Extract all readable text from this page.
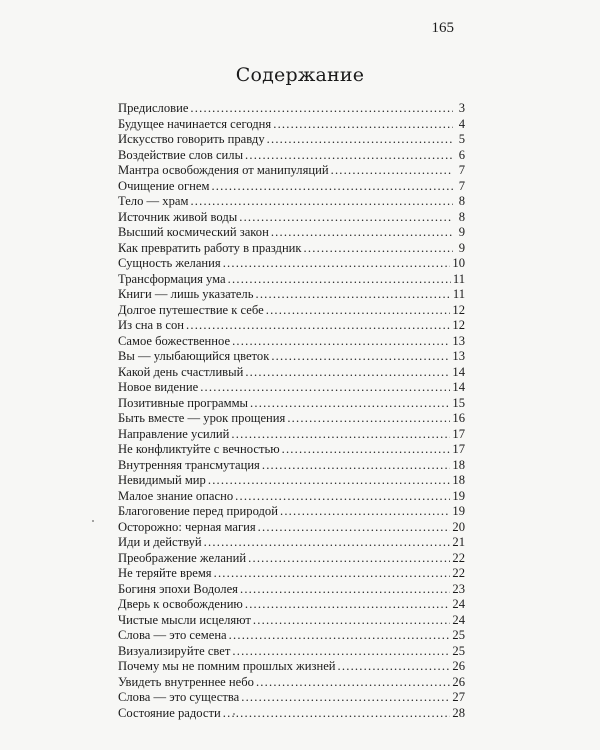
165
Содержание
Предисловие .....	3
Будущее начинается сегодня .....	4
Искусство говорить правду .....	5
Воздействие слов силы .....	6
Мантра освобождения от манипуляций .....	7
Очищение огнем .....	7
Тело — храм .....	8
Источник живой воды .....	8
Высший космический закон .....	9
Как превратить работу в праздник .....	9
Сущность желания .....	10
Трансформация ума .....	11
Книги — лишь указатель .....	11
Долгое путешествие к себе .....	12
Из сна в сон .....	12
Самое божественное .....	13
Вы — улыбающийся цветок .....	13
Какой день счастливый .....	14
Новое видение .....	14
Позитивные программы .....	15
Быть вместе — урок прощения .....	16
Направление усилий .....	17
Не конфликтуйте с вечностью .....	17
Внутренняя трансмутация .....	18
Невидимый мир .....	18
Малое знание опасно .....	19
Благоговение перед природой .....	19
Осторожно: черная магия .....	20
Иди и действуй .....	21
Преображение желаний .....	22
Не теряйте время .....	22
Богиня эпохи Водолея .....	23
Дверь к освобождению .....	24
Чистые мысли исцеляют .....	24
Слова — это семена .....	25
Визуализируйте свет .....	25
Почему мы не помним прошлых жизней .....	26
Увидеть внутреннее небо .....	26
Слова — это существа .....	27
Состояние радости .....	28
